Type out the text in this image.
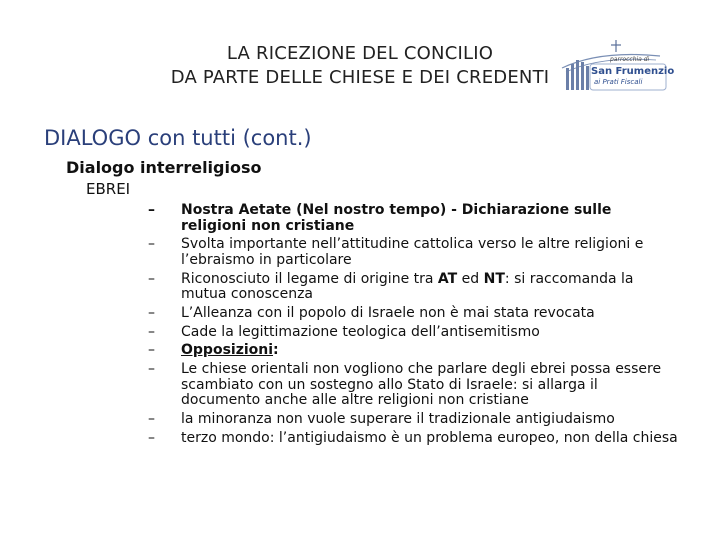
LA RICEZIONE DEL CONCILIO
DA PARTE DELLE CHIESE E DEI CREDENTI
parrocchia di
San Frumenzio
ai Prati Fiscali
DIALOGO con tutti (cont.)
Dialogo interreligioso
EBREI
– Nostra Aetate (Nel nostro tempo) - Dichiarazione sulle religioni non cristiane
– Svolta importante nell’attitudine cattolica verso le altre religioni e l’ebraismo in particolare
– Riconosciuto il legame di origine tra AT ed NT: si raccomanda la mutua conoscenza
– L’Alleanza con il popolo di Israele non è mai stata revocata
– Cade la legittimazione teologica dell’antisemitismo
– Opposizioni:
– Le chiese orientali non vogliono che parlare degli ebrei possa essere scambiato con un sostegno allo Stato di Israele: si allarga il documento anche alle altre religioni non cristiane
– la minoranza non vuole superare il tradizionale antigiudaismo
– terzo mondo: l’antigiudaismo è un problema europeo, non della chiesa
